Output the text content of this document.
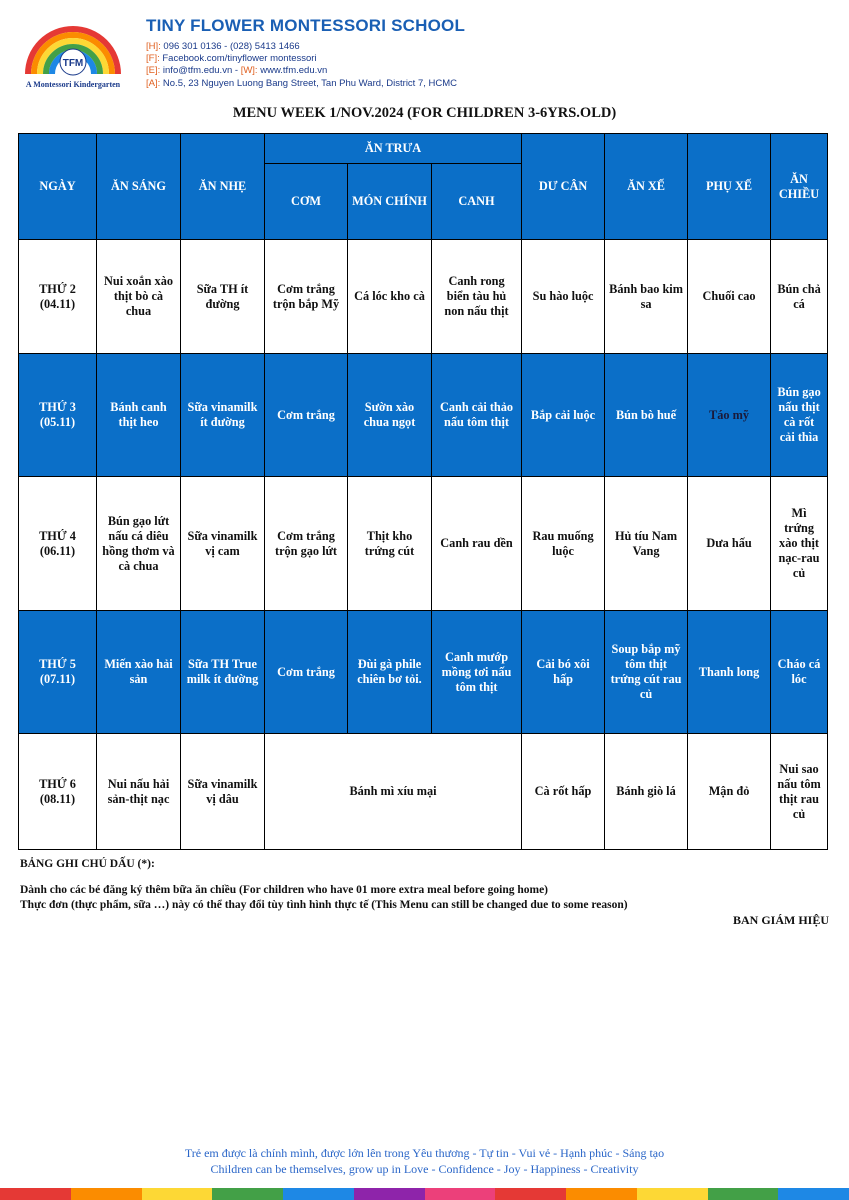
TFM
A Montessori Kindergarten
TINY FLOWER MONTESSORI SCHOOL
[H]: 096 301 0136 - (028) 5413 1466
[F]: Facebook.com/tinyflower montessori
[E]: info@tfm.edu.vn - [W]: www.tfm.edu.vn
[A]: No.5, 23 Nguyen Luong Bang Street, Tan Phu Ward, District 7, HCMC
MENU WEEK 1/NOV.2024 (FOR CHILDREN 3-6YRS.OLD)
NGÀY	ĂN SÁNG	ĂN NHẸ	ĂN TRƯA			DƯ CÂN	ĂN XẾ	PHỤ XẾ	ĂN CHIỀU
			CƠM	MÓN CHÍNH	CANH				
THỨ 2
(04.11)	Nui xoắn xào thịt bò cà chua	Sữa TH ít đường	Cơm trắng trộn bắp Mỹ	Cá lóc kho cà	Canh rong biển tàu hủ non nấu thịt	Su hào luộc	Bánh bao kim sa	Chuối cao	Bún chả cá
THỨ 3
(05.11)	Bánh canh thịt heo	Sữa vinamilk ít đường	Cơm trắng	Sườn xào chua ngọt	Canh cải thảo nấu tôm thịt	Bắp cải luộc	Bún bò huế	Táo mỹ	Bún gạo nấu thịt cà rốt cải thìa
THỨ 4
(06.11)	Bún gạo lứt nấu cá diêu hồng thơm và cà chua	Sữa vinamilk vị cam	Cơm trắng trộn gạo lứt	Thịt kho trứng cút	Canh rau dền	Rau muống luộc	Hủ tíu Nam Vang	Dưa hấu	Mì trứng xào thịt nạc-rau củ
THỨ 5
(07.11)	Miến xào hải sản	Sữa TH True milk ít đường	Cơm trắng	Đùi gà phile chiên bơ tỏi.	Canh mướp mồng tơi nấu tôm thịt	Cải bó xôi hấp	Soup bắp mỹ tôm thịt trứng cút rau củ	Thanh long	Cháo cá lóc
THỨ 6
(08.11)	Nui nấu hải sản-thịt nạc	Sữa vinamilk vị dâu	Bánh mì xíu mại			Cà rốt hấp	Bánh giò lá	Mận đỏ	Nui sao nấu tôm thịt rau củ
BẢNG GHI CHÚ DẤU (*):
Dành cho các bé đăng ký thêm bữa ăn chiều (For children who have 01 more extra meal before going home)
Thực đơn (thực phẩm, sữa …) này có thể thay đổi tùy tình hình thực tế (This Menu can still be changed due to some reason)
BAN GIÁM HIỆU
Trẻ em được là chính mình, được lớn lên trong Yêu thương - Tự tin - Vui vẻ - Hạnh phúc - Sáng tạo
Children can be themselves, grow up in Love - Confidence - Joy - Happiness - Creativity
